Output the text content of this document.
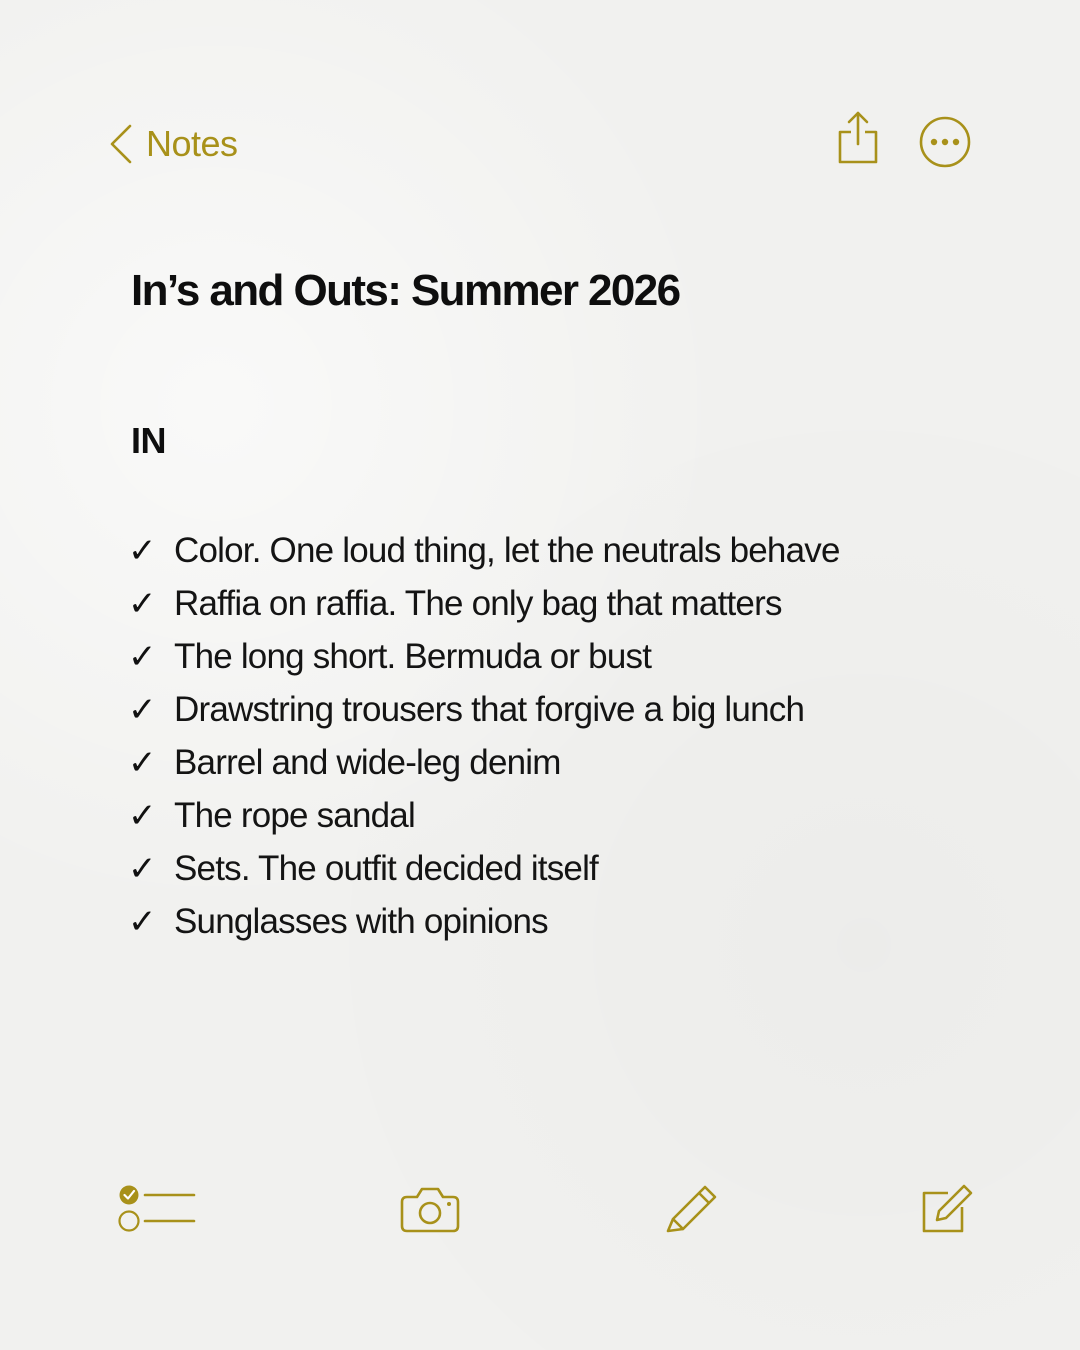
Notes
In’s and Outs: Summer 2026
IN
✓ Color. One loud thing, let the neutrals behave
✓ Raffia on raffia. The only bag that matters
✓ The long short. Bermuda or bust
✓ Drawstring trousers that forgive a big lunch
✓ Barrel and wide-leg denim
✓ The rope sandal
✓ Sets. The outfit decided itself
✓ Sunglasses with opinions
